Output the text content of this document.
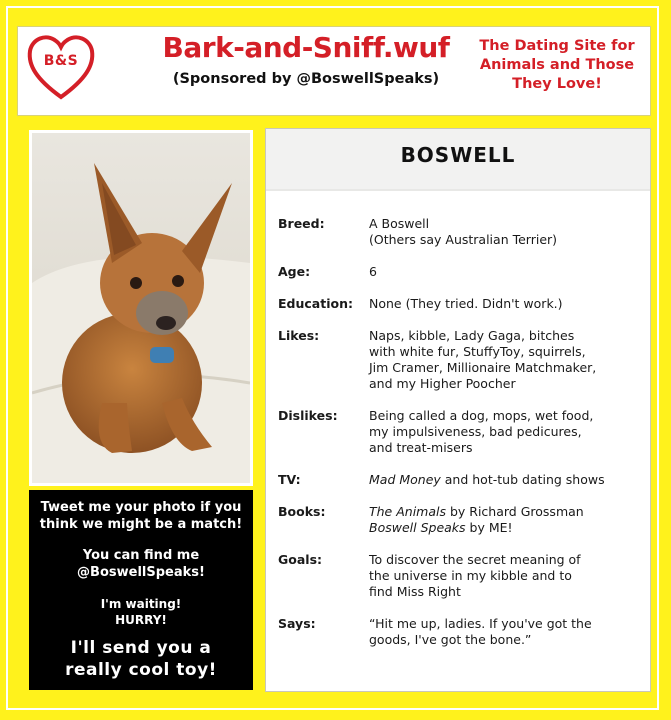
B&S	Bark-and-Sniff.wuf
(Sponsored by @BoswellSpeaks)
The Dating Site for
Animals and Those
They Love!

Tweet me your photo if you
think we might be a match!

You can find me
@BoswellSpeaks!

I'm waiting!
HURRY!

I'll send you a
really cool toy!

BOSWELL
Breed:	A Boswell
(Others say Australian Terrier)
Age:	6
Education:	None (They tried. Didn't work.)
Likes:	Naps, kibble, Lady Gaga, bitches
with white fur, StuffyToy, squirrels,
Jim Cramer, Millionaire Matchmaker,
and my Higher Poocher
Dislikes:	Being called a dog, mops, wet food,
my impulsiveness, bad pedicures,
and treat-misers
TV:	Mad Money and hot-tub dating shows
Books:	The Animals by Richard Grossman
Boswell Speaks by ME!
Goals:	To discover the secret meaning of
the universe in my kibble and to
find Miss Right
Says:	“Hit me up, ladies. If you've got the
goods, I've got the bone.”
